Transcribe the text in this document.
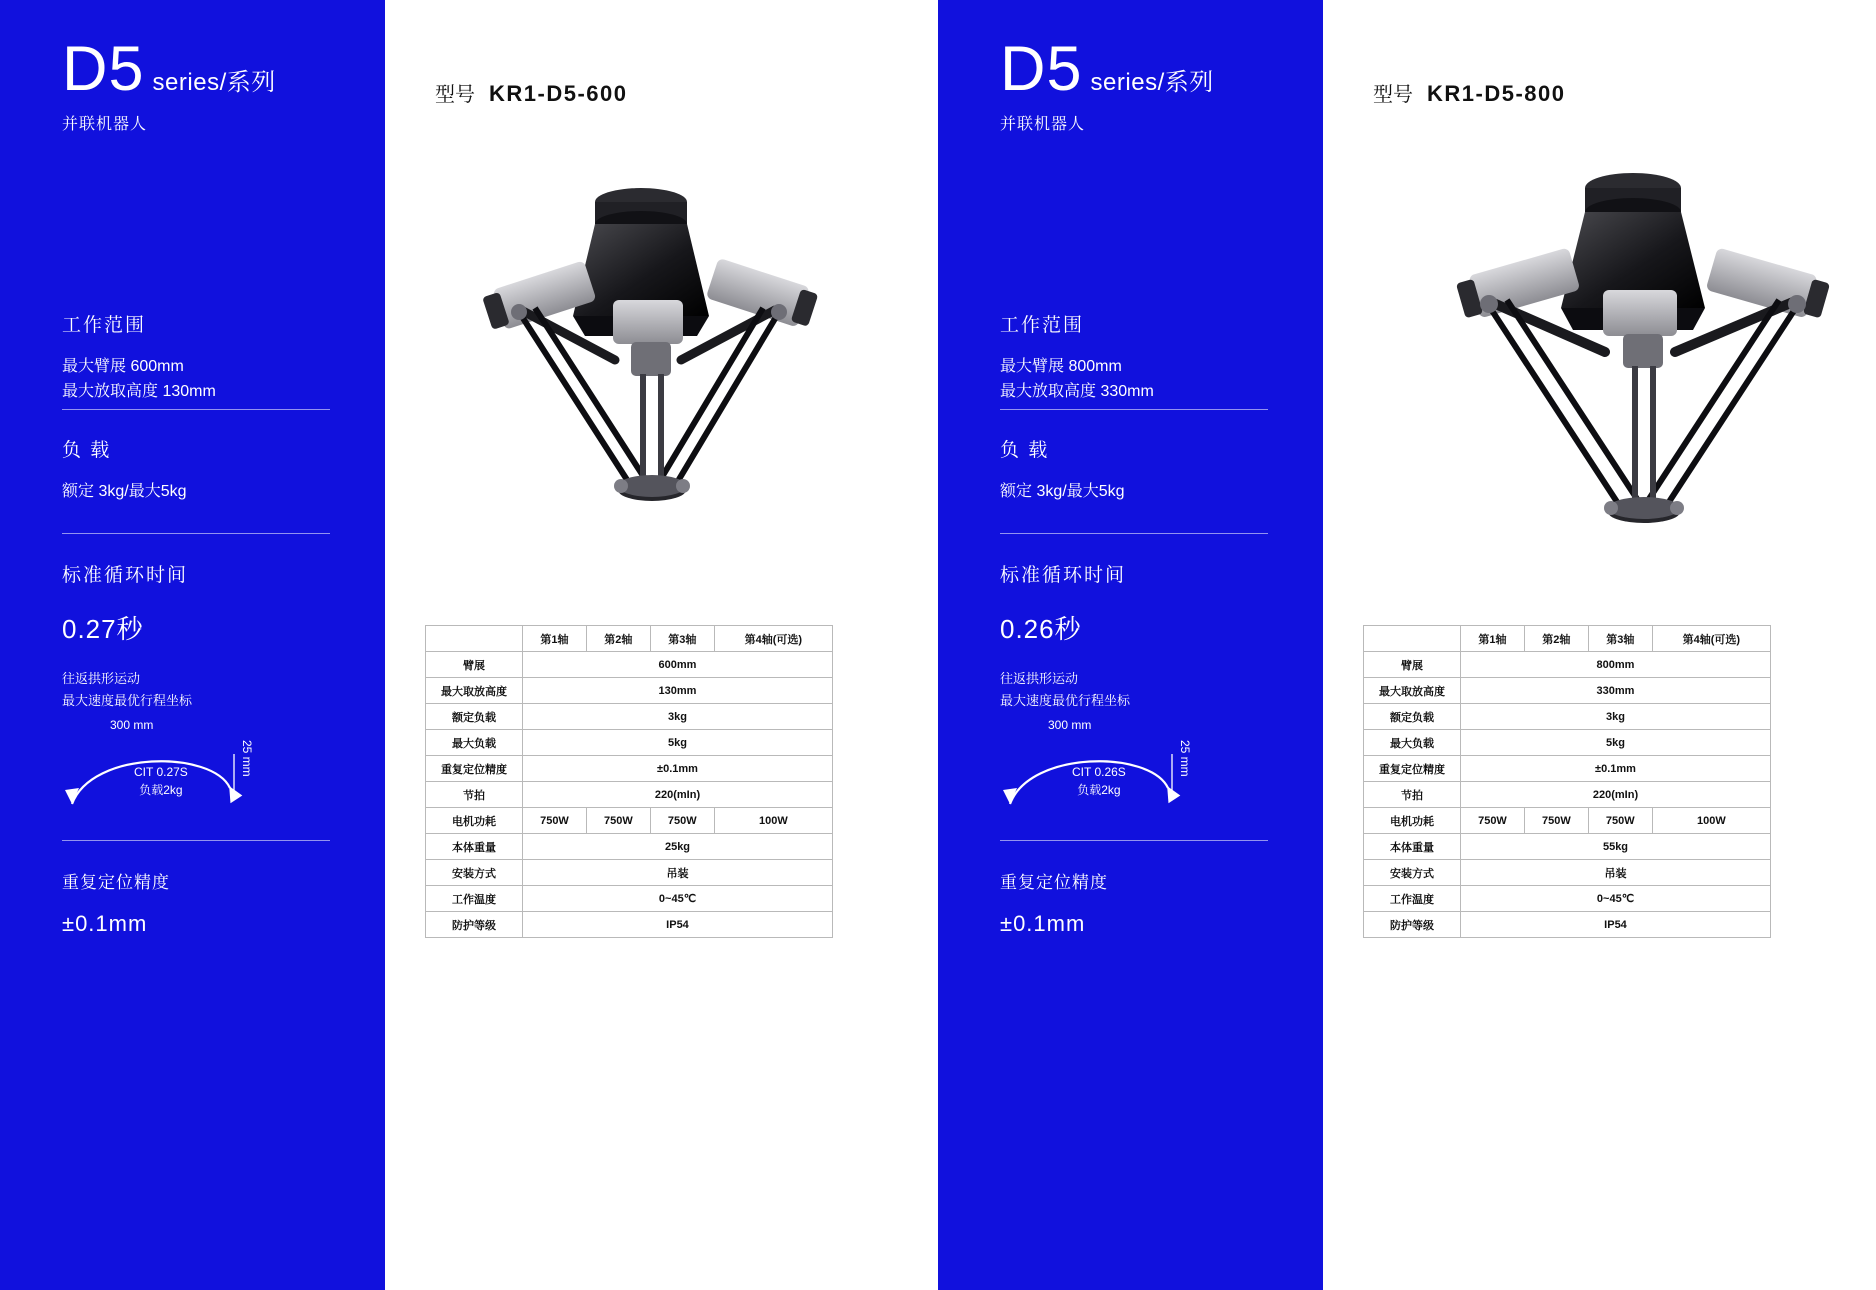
D5 series/系列
并联机器人
工作范围
最大臂展 600mm
最大放取高度 130mm
负 载
额定 3kg/最大5kg
标准循环时间
0.27秒
往返拱形运动
最大速度最优行程坐标
300 mm
25 mm
CIT 0.27S
负载2kg
重复定位精度
±0.1mm
型号 KR1-D5-600
	第1轴	第2轴	第3轴	第4轴(可选)
臂展	600mm			
最大取放高度	130mm			
额定负载	3kg			
最大负载	5kg			
重复定位精度	±0.1mm			
节拍	220(mIn)			
电机功耗	750W	750W	750W	100W
本体重量	25kg			
安装方式	吊装			
工作温度	0~45℃			
防护等级	IP54			
D5 series/系列
并联机器人
工作范围
最大臂展 800mm
最大放取高度 330mm
负 载
额定 3kg/最大5kg
标准循环时间
0.26秒
往返拱形运动
最大速度最优行程坐标
300 mm
25 mm
CIT 0.26S
负载2kg
重复定位精度
±0.1mm
型号 KR1-D5-800
	第1轴	第2轴	第3轴	第4轴(可选)
臂展	800mm			
最大取放高度	330mm			
额定负载	3kg			
最大负载	5kg			
重复定位精度	±0.1mm			
节拍	220(mIn)			
电机功耗	750W	750W	750W	100W
本体重量	55kg			
安装方式	吊装			
工作温度	0~45℃			
防护等级	IP54			
